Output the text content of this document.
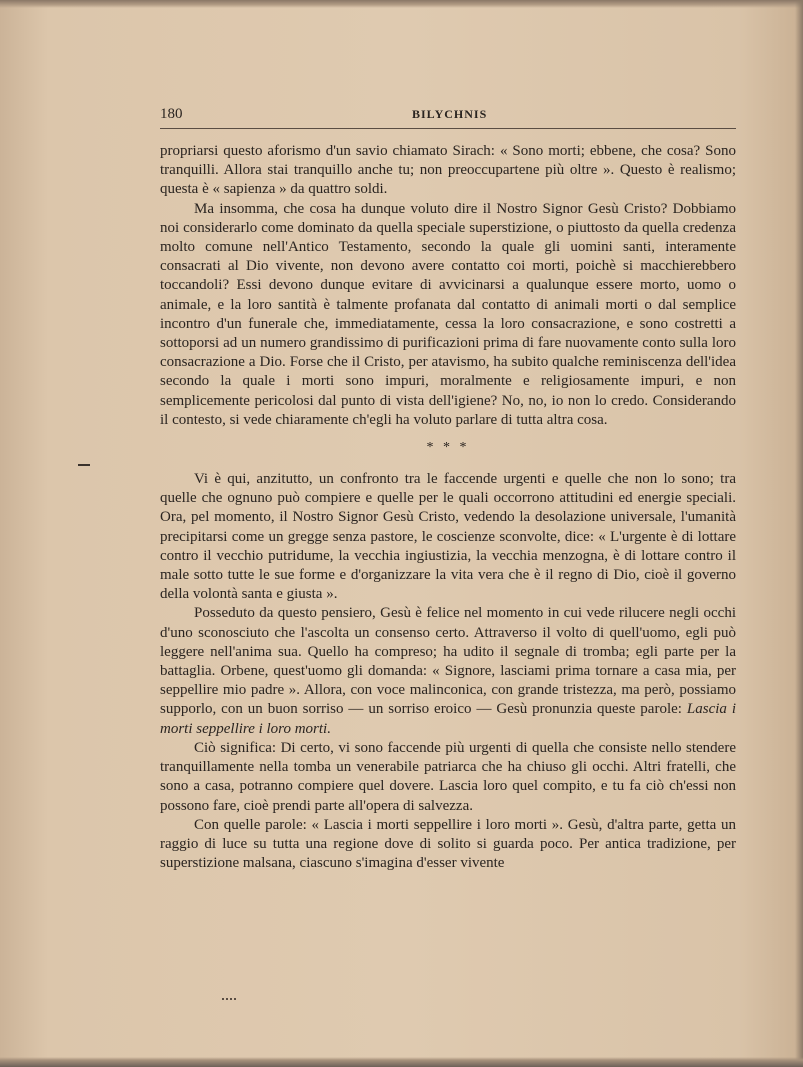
180	BILYCHNIS

propriarsi questo aforismo d'un savio chiamato Sirach: « Sono morti; ebbene, che cosa? Sono tranquilli. Allora stai tranquillo anche tu; non preoccupartene più oltre ». Questo è realismo; questa è « sapienza » da quattro soldi.

Ma insomma, che cosa ha dunque voluto dire il Nostro Signor Gesù Cristo? Dobbiamo noi considerarlo come dominato da quella speciale superstizione, o piuttosto da quella credenza molto comune nell'Antico Testamento, secondo la quale gli uomini santi, interamente consacrati al Dio vivente, non devono avere contatto coi morti, poichè si macchierebbero toccandoli? Essi devono dunque evitare di avvicinarsi a qualunque essere morto, uomo o animale, e la loro santità è talmente profanata dal contatto di animali morti o dal semplice incontro d'un funerale che, immediatamente, cessa la loro consacrazione, e sono costretti a sottoporsi ad un numero grandissimo di purificazioni prima di fare nuovamente conto sulla loro consacrazione a Dio. Forse che il Cristo, per atavismo, ha subito qualche reminiscenza dell'idea secondo la quale i morti sono impuri, moralmente e religiosamente impuri, e non semplicemente pericolosi dal punto di vista dell'igiene? No, no, io non lo credo. Considerando il contesto, si vede chiaramente ch'egli ha voluto parlare di tutta altra cosa.

* * *

Vi è qui, anzitutto, un confronto tra le faccende urgenti e quelle che non lo sono; tra quelle che ognuno può compiere e quelle per le quali occorrono attitudini ed energie speciali. Ora, pel momento, il Nostro Signor Gesù Cristo, vedendo la desolazione universale, l'umanità precipitarsi come un gregge senza pastore, le coscienze sconvolte, dice: « L'urgente è di lottare contro il vecchio putridume, la vecchia ingiustizia, la vecchia menzogna, è di lottare contro il male sotto tutte le sue forme e d'organizzare la vita vera che è il regno di Dio, cioè il governo della volontà santa e giusta ».

Posseduto da questo pensiero, Gesù è felice nel momento in cui vede rilucere negli occhi d'uno sconosciuto che l'ascolta un consenso certo. Attraverso il volto di quell'uomo, egli può leggere nell'anima sua. Quello ha compreso; ha udito il segnale di tromba; egli parte per la battaglia. Orbene, quest'uomo gli domanda: « Signore, lasciami prima tornare a casa mia, per seppellire mio padre ». Allora, con voce malinconica, con grande tristezza, ma però, possiamo supporlo, con un buon sorriso — un sorriso eroico — Gesù pronunzia queste parole: Lascia i morti seppellire i loro morti.

Ciò significa: Di certo, vi sono faccende più urgenti di quella che consiste nello stendere tranquillamente nella tomba un venerabile patriarca che ha chiuso gli occhi. Altri fratelli, che sono a casa, potranno compiere quel dovere. Lascia loro quel compito, e tu fa ciò ch'essi non possono fare, cioè prendi parte all'opera di salvezza.

Con quelle parole: « Lascia i morti seppellire i loro morti ». Gesù, d'altra parte, getta un raggio di luce su tutta una regione dove di solito si guarda poco. Per antica tradizione, per superstizione malsana, ciascuno s'imagina d'esser vivente
